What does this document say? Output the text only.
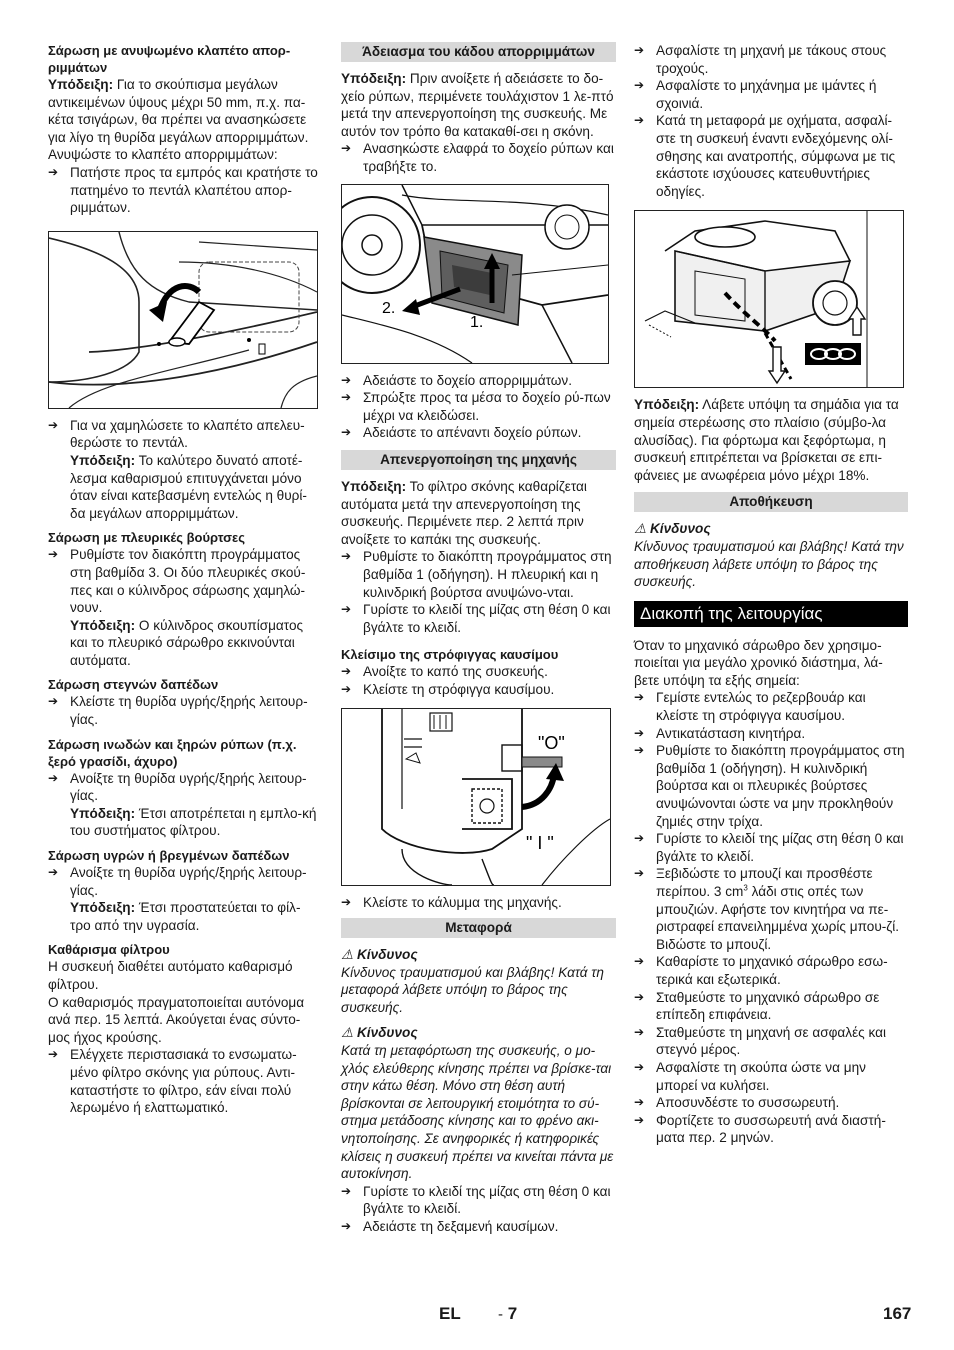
Σάρωση με ανυψωμένο κλαπέτο απορ-ριμμάτων
Υπόδειξη: Για το σκούπισμα μεγάλων αντικειμένων ύψους μέχρι 50 mm, π.χ. πα-κέτα τσιγάρων, θα πρέπει να ανασηκώσετε για λίγο τη θυρίδα μεγάλων απορριμμάτων.
Ανυψώστε το κλαπέτο απορριμμάτων:
➔ Πατήστε προς τα εμπρός και κρατήστε το πατημένο το πεντάλ κλαπέτου απορ-ριμμάτων.
➔ Για να χαμηλώσετε το κλαπέτο απελευ-θερώστε το πεντάλ.
Υπόδειξη: Το καλύτερο δυνατό αποτέ-λεσμα καθαρισμού επιτυγχάνεται μόνο όταν είναι κατεβασμένη εντελώς η θυρί-δα μεγάλων απορριμμάτων.
Σάρωση με πλευρικές βούρτσες
➔ Ρυθμίστε τον διακόπτη προγράμματος στη βαθμίδα 3. Οι δύο πλευρικές σκού-πες και ο κύλινδρος σάρωσης χαμηλώ-νουν.
Υπόδειξη: Ο κύλινδρος σκουπίσματος και το πλευρικό σάρωθρο εκκινούνται αυτόματα.
Σάρωση στεγνών δαπέδων
➔ Κλείστε τη θυρίδα υγρής/ξηρής λειτουρ-γίας.
Σάρωση ινωδών και ξηρών ρύπων (π.χ. ξερό γρασίδι, άχυρο)
➔ Ανοίξτε τη θυρίδα υγρής/ξηρής λειτουρ-γίας.
Υπόδειξη: Έτσι αποτρέπεται η εμπλο-κή του συστήματος φίλτρου.
Σάρωση υγρών ή βρεγμένων δαπέδων
➔ Ανοίξτε τη θυρίδα υγρής/ξηρής λειτουρ-γίας.
Υπόδειξη: Έτσι προστατεύεται το φίλ-τρο από την υγρασία.
Καθάρισμα φίλτρου
Η συσκευή διαθέτει αυτόματο καθαρισμό φίλτρου.
Ο καθαρισμός πραγματοποιείται αυτόνομα ανά περ. 15 λεπτά. Ακούγεται ένας σύντο-μος ήχος κρούσης.
➔ Ελέγχετε περιστασιακά το ενσωματω-μένο φίλτρο σκόνης για ρύπους. Αντι-καταστήστε το φίλτρο, εάν είναι πολύ λερωμένο ή ελαττωματικό.
Άδειασμα του κάδου απορριμμάτων
Υπόδειξη: Πριν ανοίξετε ή αδειάσετε το δο-χείο ρύπων, περιμένετε τουλάχιστον 1 λε-πτό μετά την απενεργοποίηση της συσκευής. Με αυτόν τον τρόπο θα κατακαθί-σει η σκόνη.
➔ Ανασηκώστε ελαφρά το δοχείο ρύπων και τραβήξτε το.
2.
1.
➔ Αδειάστε το δοχείο απορριμμάτων.
➔ Σπρώξτε προς τα μέσα το δοχείο ρύ-πων μέχρι να κλειδώσει.
➔ Αδειάστε το απέναντι δοχείο ρύπων.
Απενεργοποίηση της μηχανής
Υπόδειξη: Το φίλτρο σκόνης καθαρίζεται αυτόματα μετά την απενεργοποίηση της συσκευής. Περιμένετε περ. 2 λεπτά πριν ανοίξετε το καπάκι της συσκευής.
➔ Ρυθμίστε το διακόπτη προγράμματος στη βαθμίδα 1 (οδήγηση). Η πλευρική και η κυλινδρική βούρτσα ανυψώνο-νται.
➔ Γυρίστε το κλειδί της μίζας στη θέση 0 και βγάλτε το κλειδί.
Κλείσιμο της στρόφιγγας καυσίμου
➔ Ανοίξτε το καπό της συσκευής.
➔ Κλείστε τη στρόφιγγα καυσίμου.
"O"
" I "
➔ Κλείστε το κάλυμμα της μηχανής.
Μεταφορά
⚠ Κίνδυνος
Κίνδυνος τραυματισμού και βλάβης! Κατά τη μεταφορά λάβετε υπόψη το βάρος της συσκευής.
⚠ Κίνδυνος
Κατά τη μεταφόρτωση της συσκευής, ο μο-χλός ελεύθερης κίνησης πρέπει να βρίσκε-ται στην κάτω θέση. Μόνο στη θέση αυτή βρίσκονται σε λειτουργική ετοιμότητα το σύ-στημα μετάδοσης κίνησης και το φρένο ακι-νητοποίησης. Σε ανηφορικές ή κατηφορικές κλίσεις η συσκευή πρέπει να κινείται πάντα με αυτοκίνηση.
➔ Γυρίστε το κλειδί της μίζας στη θέση 0 και βγάλτε το κλειδί.
➔ Αδειάστε τη δεξαμενή καυσίμων.
➔ Ασφαλίστε τη μηχανή με τάκους στους τροχούς.
➔ Ασφαλίστε το μηχάνημα με ιμάντες ή σχοινιά.
➔ Κατά τη μεταφορά με οχήματα, ασφαλί-στε τη συσκευή έναντι ενδεχόμενης ολί-σθησης και ανατροπής, σύμφωνα με τις εκάστοτε ισχύουσες κατευθυντήριες οδηγίες.
Υπόδειξη: Λάβετε υπόψη τα σημάδια για τα σημεία στερέωσης στο πλαίσιο (σύμβο-λα αλυσίδας). Για φόρτωμα και ξεφόρτωμα, η συσκευή επιτρέπεται να βρίσκεται σε επι-φάνειες με ανωφέρεια μόνο μέχρι 18%.
Αποθήκευση
⚠ Κίνδυνος
Κίνδυνος τραυματισμού και βλάβης! Κατά την αποθήκευση λάβετε υπόψη το βάρος της συσκευής.
Διακοπή της λειτουργίας
Όταν το μηχανικό σάρωθρο δεν χρησιμο-ποιείται για μεγάλο χρονικό διάστημα, λά-βετε υπόψη τα εξής σημεία:
➔ Γεμίστε εντελώς το ρεζερβουάρ και κλείστε τη στρόφιγγα καυσίμου.
➔ Αντικατάσταση κινητήρα.
➔ Ρυθμίστε το διακόπτη προγράμματος στη βαθμίδα 1 (οδήγηση). Η κυλινδρική βούρτσα και οι πλευρικές βούρτσες ανυψώνονται ώστε να μην προκληθούν ζημιές στην τρίχα.
➔ Γυρίστε το κλειδί της μίζας στη θέση 0 και βγάλτε το κλειδί.
➔ Ξεβιδώστε το μπουζί και προσθέστε περίπου. 3 $cm^3$ λάδι στις οπές των μπουζιών. Αφήστε τον κινητήρα να πε-ριστραφεί επανειλημμένα χωρίς μπου-ζί. Βιδώστε το μπουζί.
➔ Καθαρίστε το μηχανικό σάρωθρο εσω-τερικά και εξωτερικά.
➔ Σταθμεύστε το μηχανικό σάρωθρο σε επίπεδη επιφάνεια.
➔ Σταθμεύστε τη μηχανή σε ασφαλές και στεγνό μέρος.
➔ Ασφαλίστε τη σκούπα ώστε να μην μπορεί να κυλήσει.
➔ Αποσυνδέστε το συσσωρευτή.
➔ Φορτίζετε το συσσωρευτή ανά διαστή-ματα περ. 2 μηνών.
EL - 7	167
